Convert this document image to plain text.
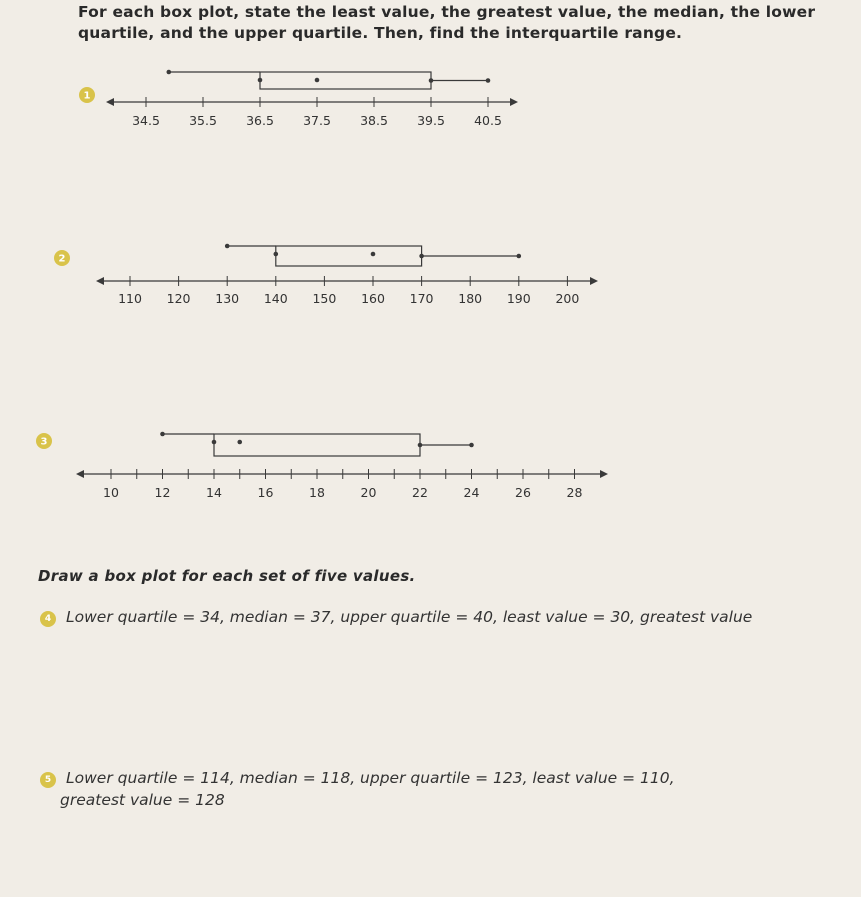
For each box plot, state the least value, the greatest value, the median, the lower quartile, and the upper quartile. Then, find the interquartile range.
1
34.5 35.5 36.5 37.5 38.5 39.5 40.5
2
110 120 130 140 150 160 170 180 190 200
3
10	12	14	16	18	20	22	24	26	28
Draw a box plot for each set of five values.
4 Lower quartile = 34, median = 37, upper quartile = 40, least value = 30, greatest value
5 Lower quartile = 114, median = 118, upper quartile = 123, least value = 110,
greatest value = 128
